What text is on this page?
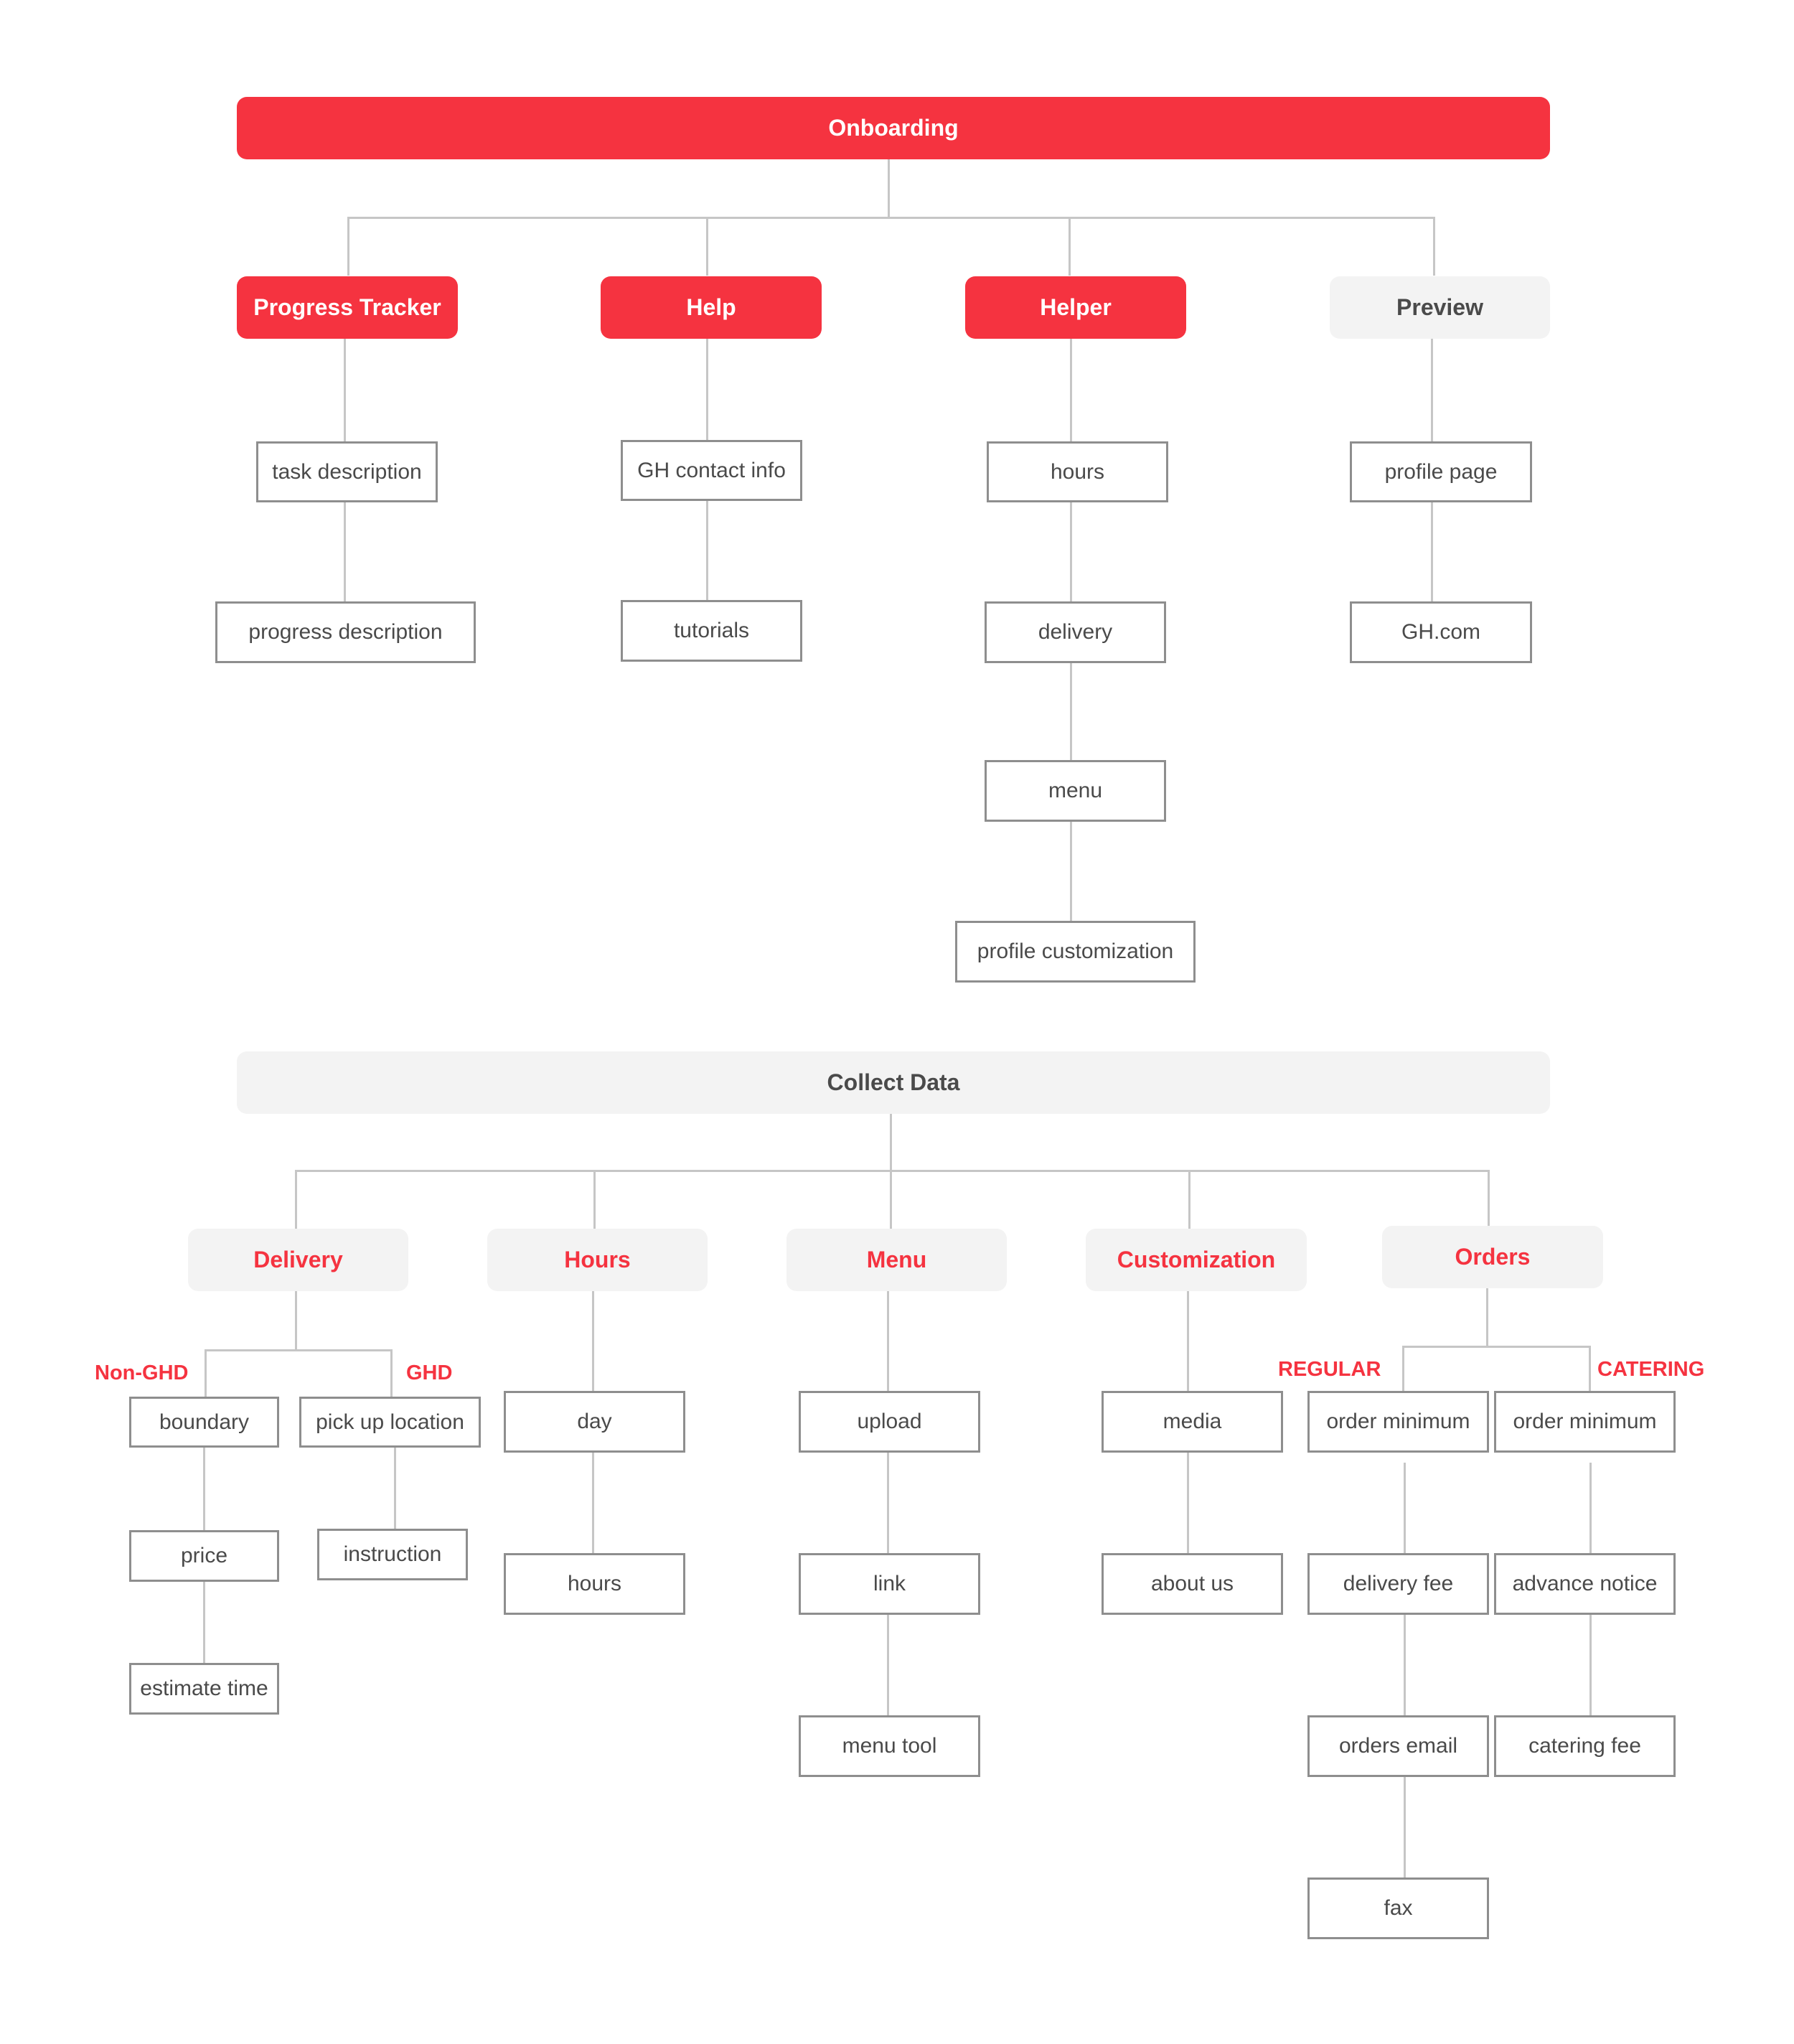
Onboarding
Progress Tracker	Help	Helper	Preview
task description
progress description
GH contact info
tutorials
hours
delivery
menu
profile customization
profile page
GH.com
Collect Data
Delivery	Hours	Menu	Customization	Orders
Non-GHD	GHD
boundary
price
estimate time
pick up location
instruction
day
hours
upload
link
menu tool
media
about us
REGULAR	CATERING
order minimum
delivery fee
orders email
fax
order minimum
advance notice
catering fee
